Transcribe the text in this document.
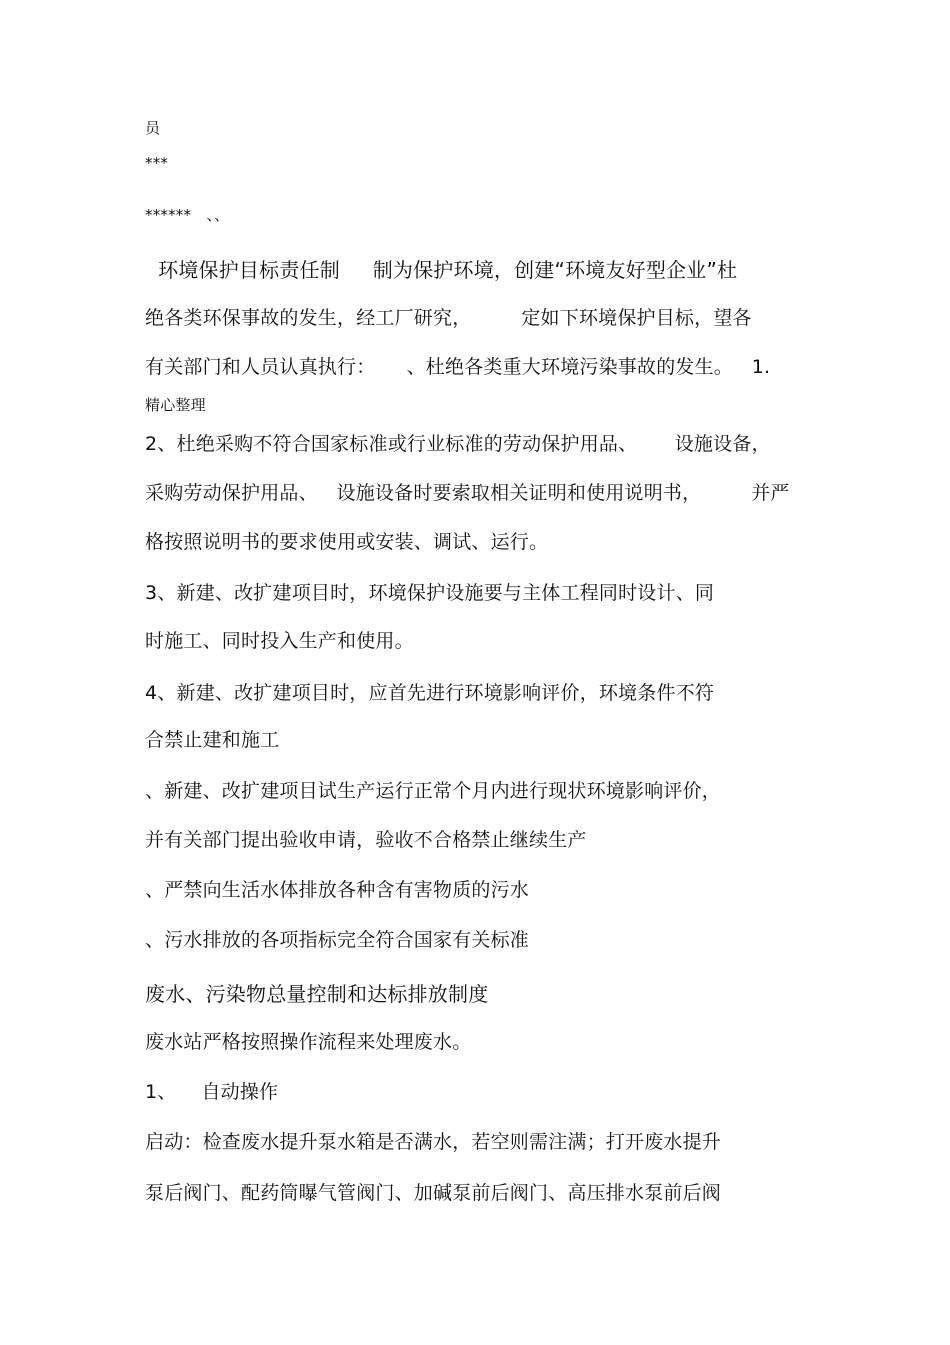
员
***
******　、、
环境保护目标责任制     制为保护环境，创建“环境友好型企业”杜
绝各类环保事故的发生，经工厂研究，        定如下环境保护目标，望各
有关部门和人员认真执行：     、杜绝各类重大环境污染事故的发生。   1.
精心整理
2、杜绝采购不符合国家标准或行业标准的劳动保护用品、      设施设备，
采购劳动保护用品、   设施设备时要索取相关证明和使用说明书，        并严
格按照说明书的要求使用或安装、调试、运行。
3、新建、改扩建项目时，环境保护设施要与主体工程同时设计、同
时施工、同时投入生产和使用。
4、新建、改扩建项目时，应首先进行环境影响评价，环境条件不符
合禁止建和施工
、新建、改扩建项目试生产运行正常个月内进行现状环境影响评价，
并有关部门提出验收申请，验收不合格禁止继续生产
、严禁向生活水体排放各种含有害物质的污水
、污水排放的各项指标完全符合国家有关标准
废水、污染物总量控制和达标排放制度
废水站严格按照操作流程来处理废水。
1、    自动操作
启动：检查废水提升泵水箱是否满水，若空则需注满；打开废水提升
泵后阀门、配药筒曝气管阀门、加碱泵前后阀门、高压排水泵前后阀
